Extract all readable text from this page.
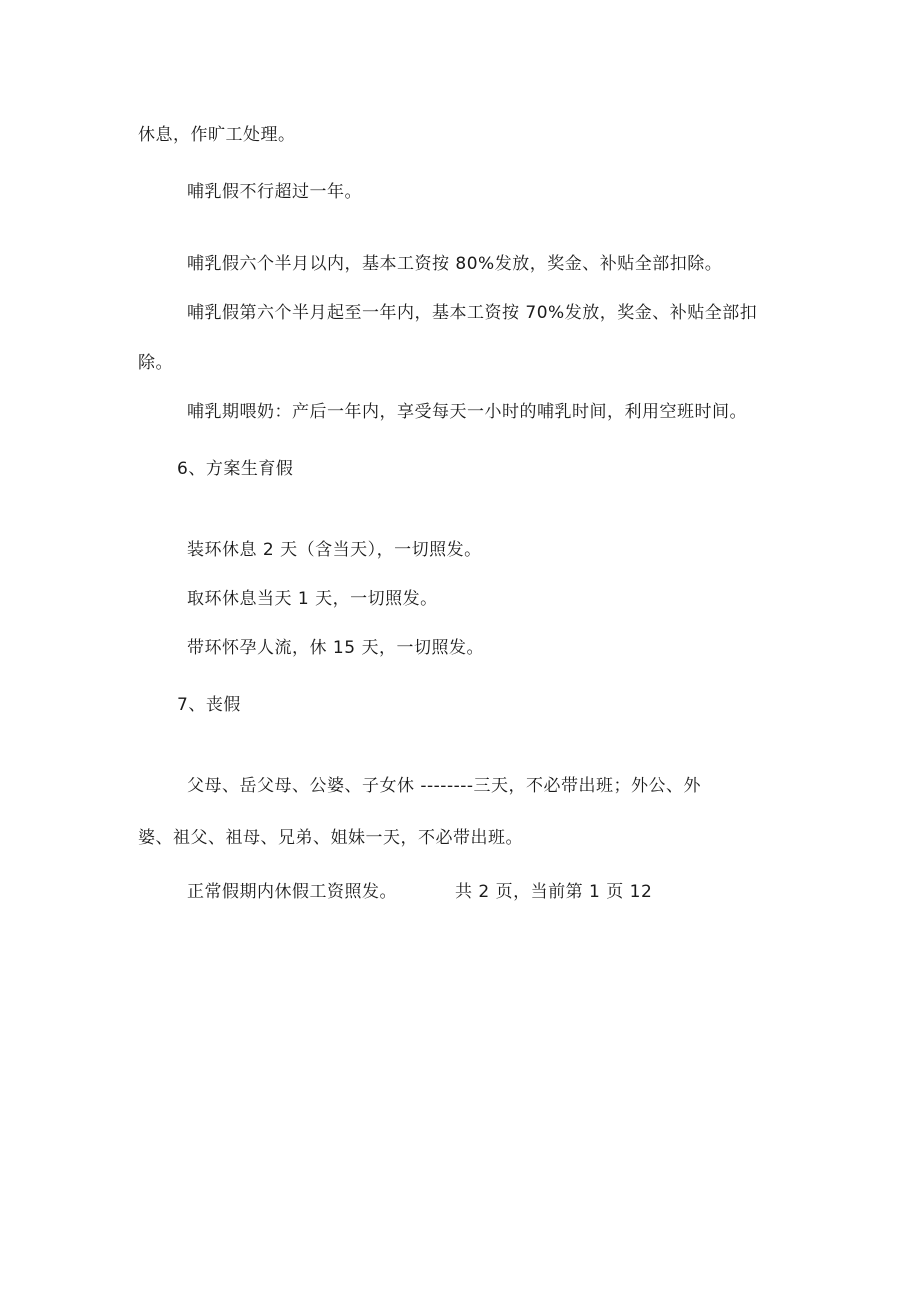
休息，作旷工处理。
哺乳假不行超过一年。
哺乳假六个半月以内，基本工资按 80%发放，奖金、补贴全部扣除。
哺乳假第六个半月起至一年内，基本工资按 70%发放，奖金、补贴全部扣
除。
哺乳期喂奶：产后一年内，享受每天一小时的哺乳时间，利用空班时间。
6、方案生育假
装环休息 2 天（含当天），一切照发。
取环休息当天 1 天，一切照发。
带环怀孕人流，休 15 天，一切照发。
7、丧假
父母、岳父母、公婆、子女休 --------三天，不必带出班；外公、外
婆、祖父、祖母、兄弟、姐妹一天，不必带出班。
正常假期内休假工资照发。	共 2 页，当前第 1 页 12
